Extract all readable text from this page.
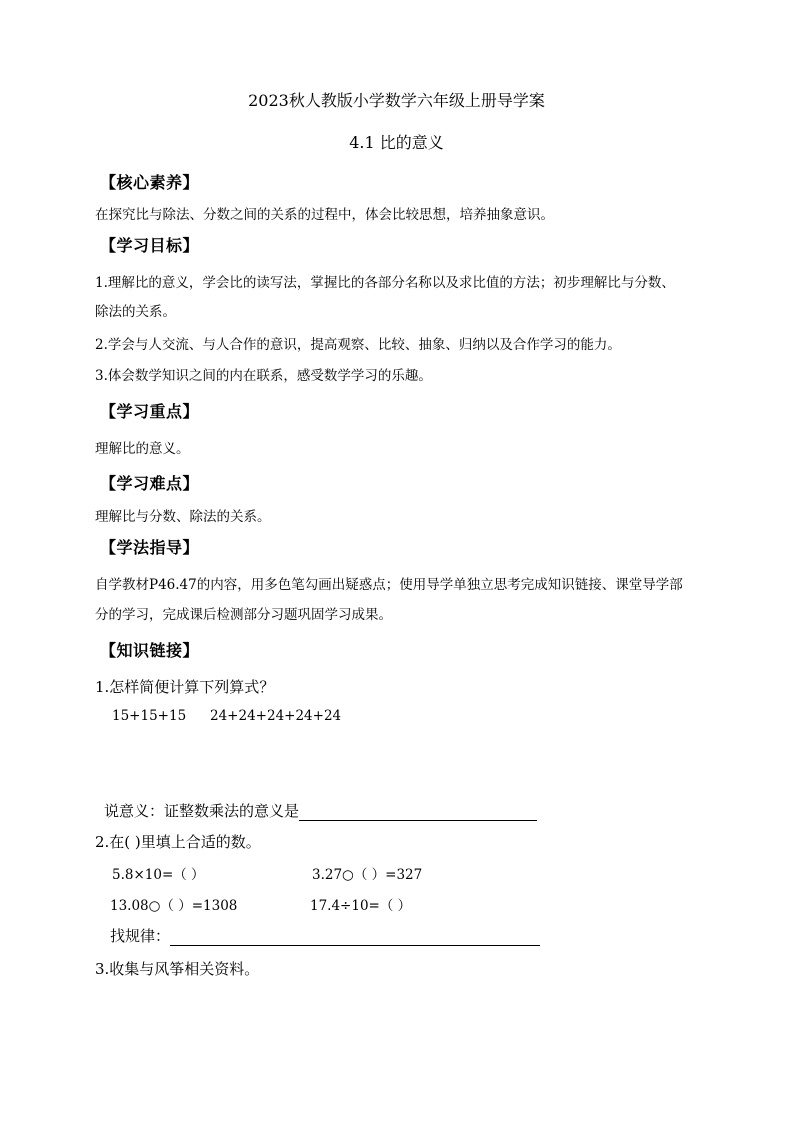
2023秋人教版小学数学六年级上册导学案
4.1 比的意义
【核心素养】
在探究比与除法、分数之间的关系的过程中，体会比较思想，培养抽象意识。
【学习目标】
1.理解比的意义，学会比的读写法，掌握比的各部分名称以及求比值的方法；初步理解比与分数、
除法的关系。
2.学会与人交流、与人合作的意识，提高观察、比较、抽象、归纳以及合作学习的能力。
3.体会数学知识之间的内在联系，感受数学学习的乐趣。
【学习重点】
理解比的意义。
【学习难点】
理解比与分数、除法的关系。
【学法指导】
自学教材P46.47的内容，用多色笔勾画出疑惑点；使用导学单独立思考完成知识链接、课堂导学部
分的学习，完成课后检测部分习题巩固学习成果。
【知识链接】
1.怎样简便计算下列算式？
15+15+15 24+24+24+24+24
说意义：证整数乘法的意义是
2.在( )里填上合适的数。
5.8×10=（ ）	3.27○（ ）=327
13.08○（ ）=1308	17.4÷10=（ ）
找规律：
3.收集与风筝相关资料。
